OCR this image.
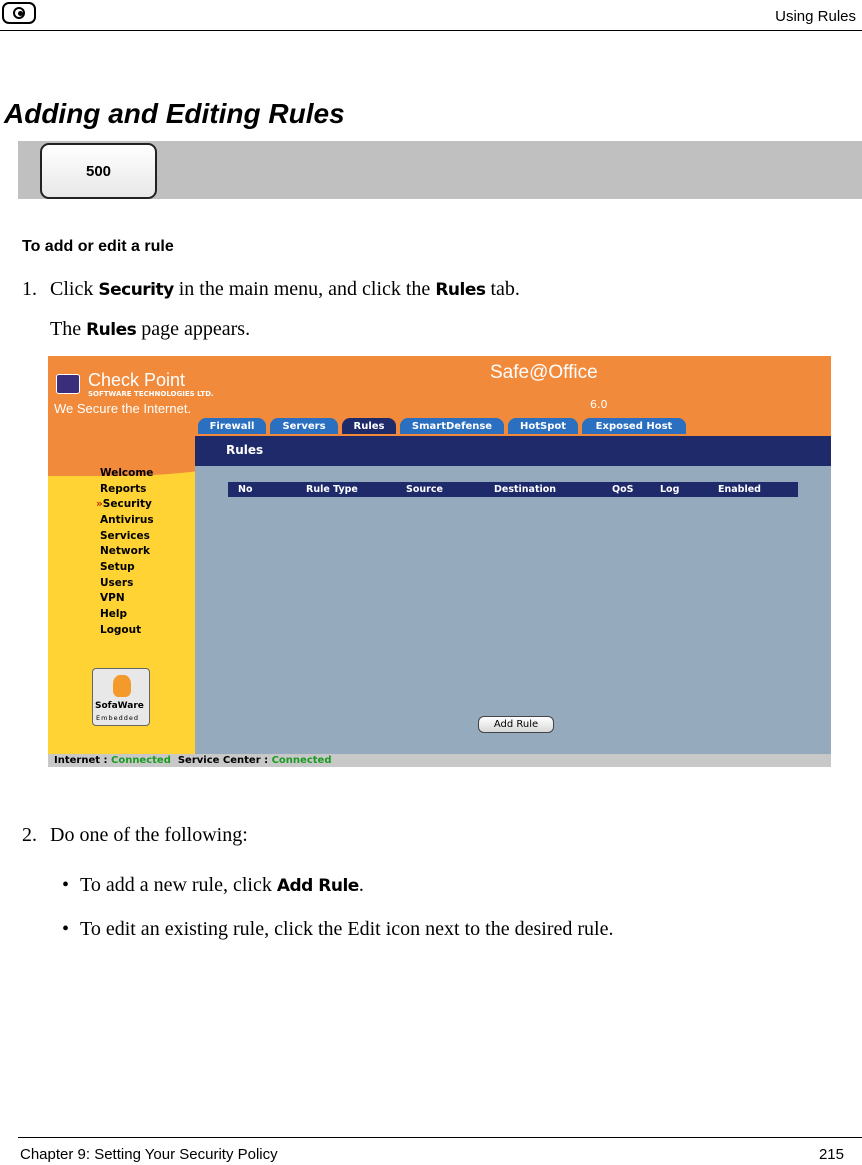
Using Rules
Adding and Editing Rules
500
To add or edit a rule
1. Click Security in the main menu, and click the Rules tab.
The Rules page appears.
Check Point
SOFTWARE TECHNOLOGIES LTD.
We Secure the Internet.
Safe@Office
6.0
Firewall	Servers	Rules	SmartDefense	HotSpot	Exposed Host
Rules
Welcome
Reports
»Security
Antivirus
Services
Network
Setup
Users
VPN
Help
Logout
No	Rule Type	Source	Destination	QoS	Log	Enabled
Add Rule
SofaWare
Embedded
Internet : Connected Service Center : Connected
2. Do one of the following:
• To add a new rule, click Add Rule.
• To edit an existing rule, click the Edit icon next to the desired rule.
Chapter 9: Setting Your Security Policy	215
